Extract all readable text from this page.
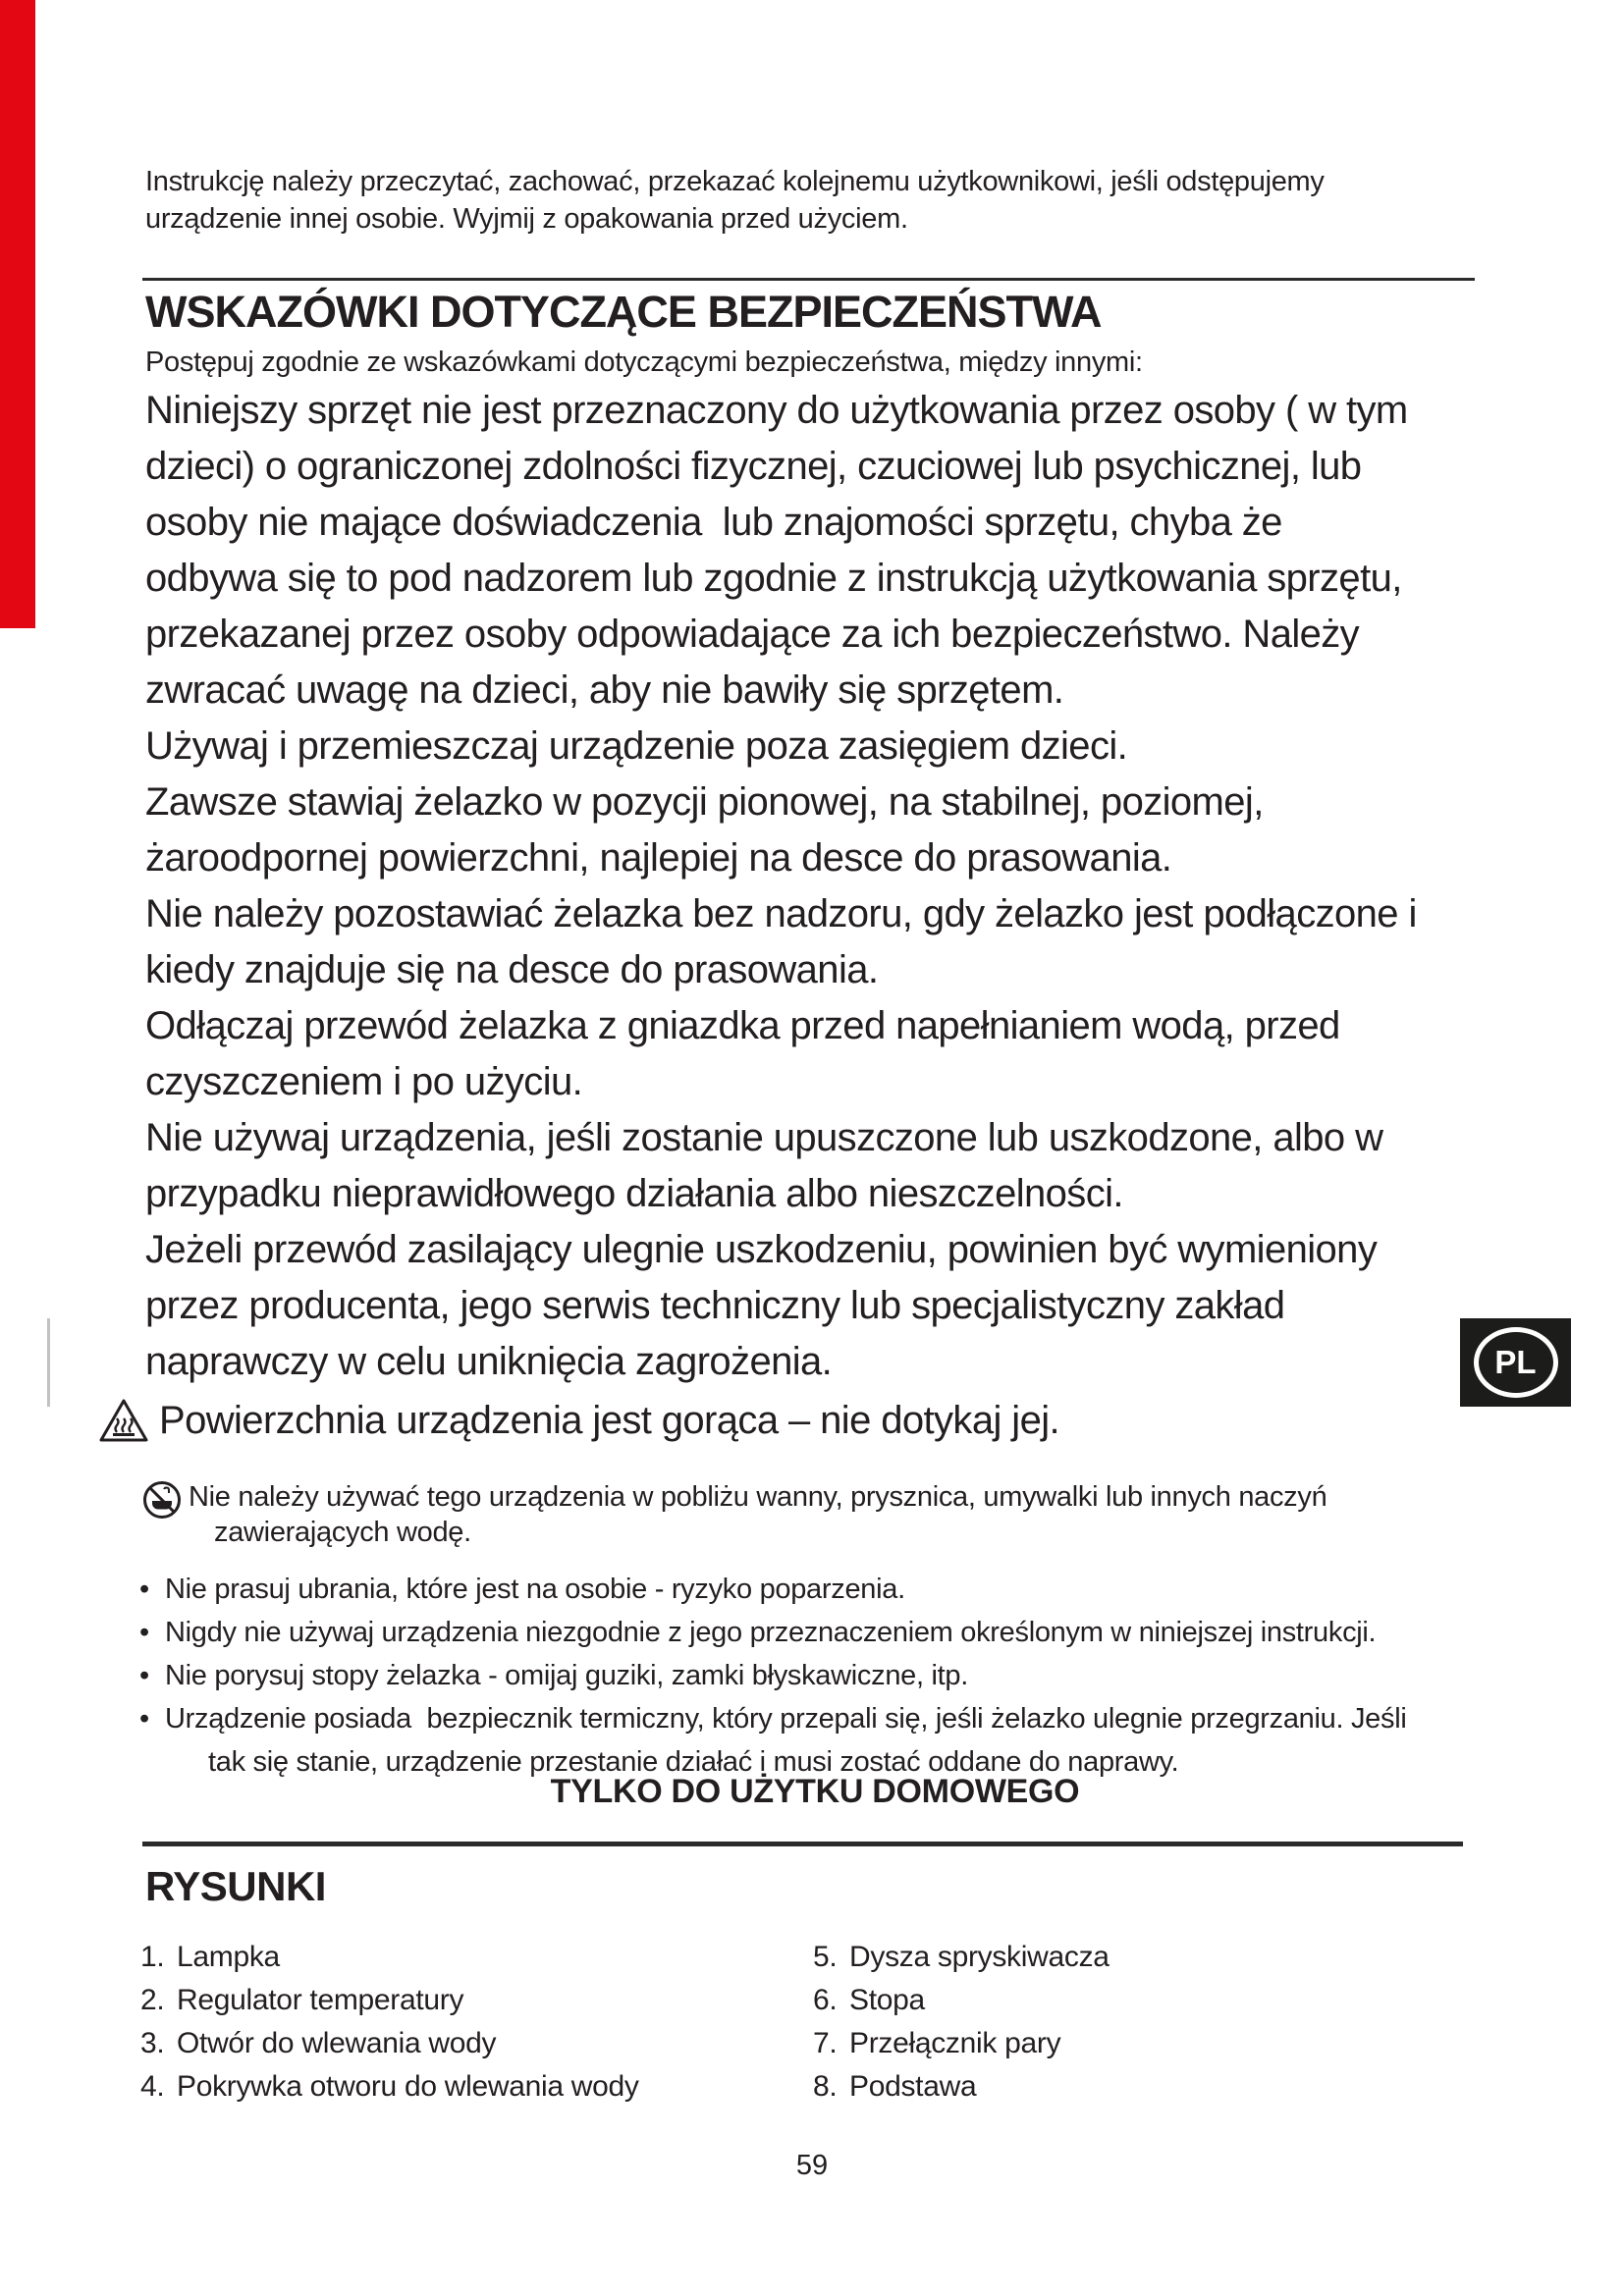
Instrukcję należy przeczytać, zachować, przekazać kolejnemu użytkownikowi, jeśli odstępujemy
urządzenie innej osobie. Wyjmij z opakowania przed użyciem.
WSKAZÓWKI DOTYCZĄCE BEZPIECZEŃSTWA
Postępuj zgodnie ze wskazówkami dotyczącymi bezpieczeństwa, między innymi:
Niniejszy sprzęt nie jest przeznaczony do użytkowania przez osoby ( w tym
dzieci) o ograniczonej zdolności fizycznej, czuciowej lub psychicznej, lub
osoby nie mające doświadczenia  lub znajomości sprzętu, chyba że
odbywa się to pod nadzorem lub zgodnie z instrukcją użytkowania sprzętu,
przekazanej przez osoby odpowiadające za ich bezpieczeństwo. Należy
zwracać uwagę na dzieci, aby nie bawiły się sprzętem.
Używaj i przemieszczaj urządzenie poza zasięgiem dzieci.
Zawsze stawiaj żelazko w pozycji pionowej, na stabilnej, poziomej,
żaroodpornej powierzchni, najlepiej na desce do prasowania.
Nie należy pozostawiać żelazka bez nadzoru, gdy żelazko jest podłączone i
kiedy znajduje się na desce do prasowania.
Odłączaj przewód żelazka z gniazdka przed napełnianiem wodą, przed
czyszczeniem i po użyciu.
Nie używaj urządzenia, jeśli zostanie upuszczone lub uszkodzone, albo w
przypadku nieprawidłowego działania albo nieszczelności.
Jeżeli przewód zasilający ulegnie uszkodzeniu, powinien być wymieniony
przez producenta, jego serwis techniczny lub specjalistyczny zakład
naprawczy w celu uniknięcia zagrożenia.
Powierzchnia urządzenia jest gorąca – nie dotykaj jej.
Nie należy używać tego urządzenia w pobliżu wanny, prysznica, umywalki lub innych naczyń
zawierających wodę.
• Nie prasuj ubrania, które jest na osobie - ryzyko poparzenia.
• Nigdy nie używaj urządzenia niezgodnie z jego przeznaczeniem określonym w niniejszej instrukcji.
• Nie porysuj stopy żelazka - omijaj guziki, zamki błyskawiczne, itp.
• Urządzenie posiada  bezpiecznik termiczny, który przepali się, jeśli żelazko ulegnie przegrzaniu. Jeśli
tak się stanie, urządzenie przestanie działać i musi zostać oddane do naprawy.
TYLKO DO UŻYTKU DOMOWEGO
RYSUNKI
1. Lampka
2. Regulator temperatury
3. Otwór do wlewania wody
4. Pokrywka otworu do wlewania wody
5. Dysza spryskiwacza
6. Stopa
7. Przełącznik pary
8. Podstawa
PL
59
